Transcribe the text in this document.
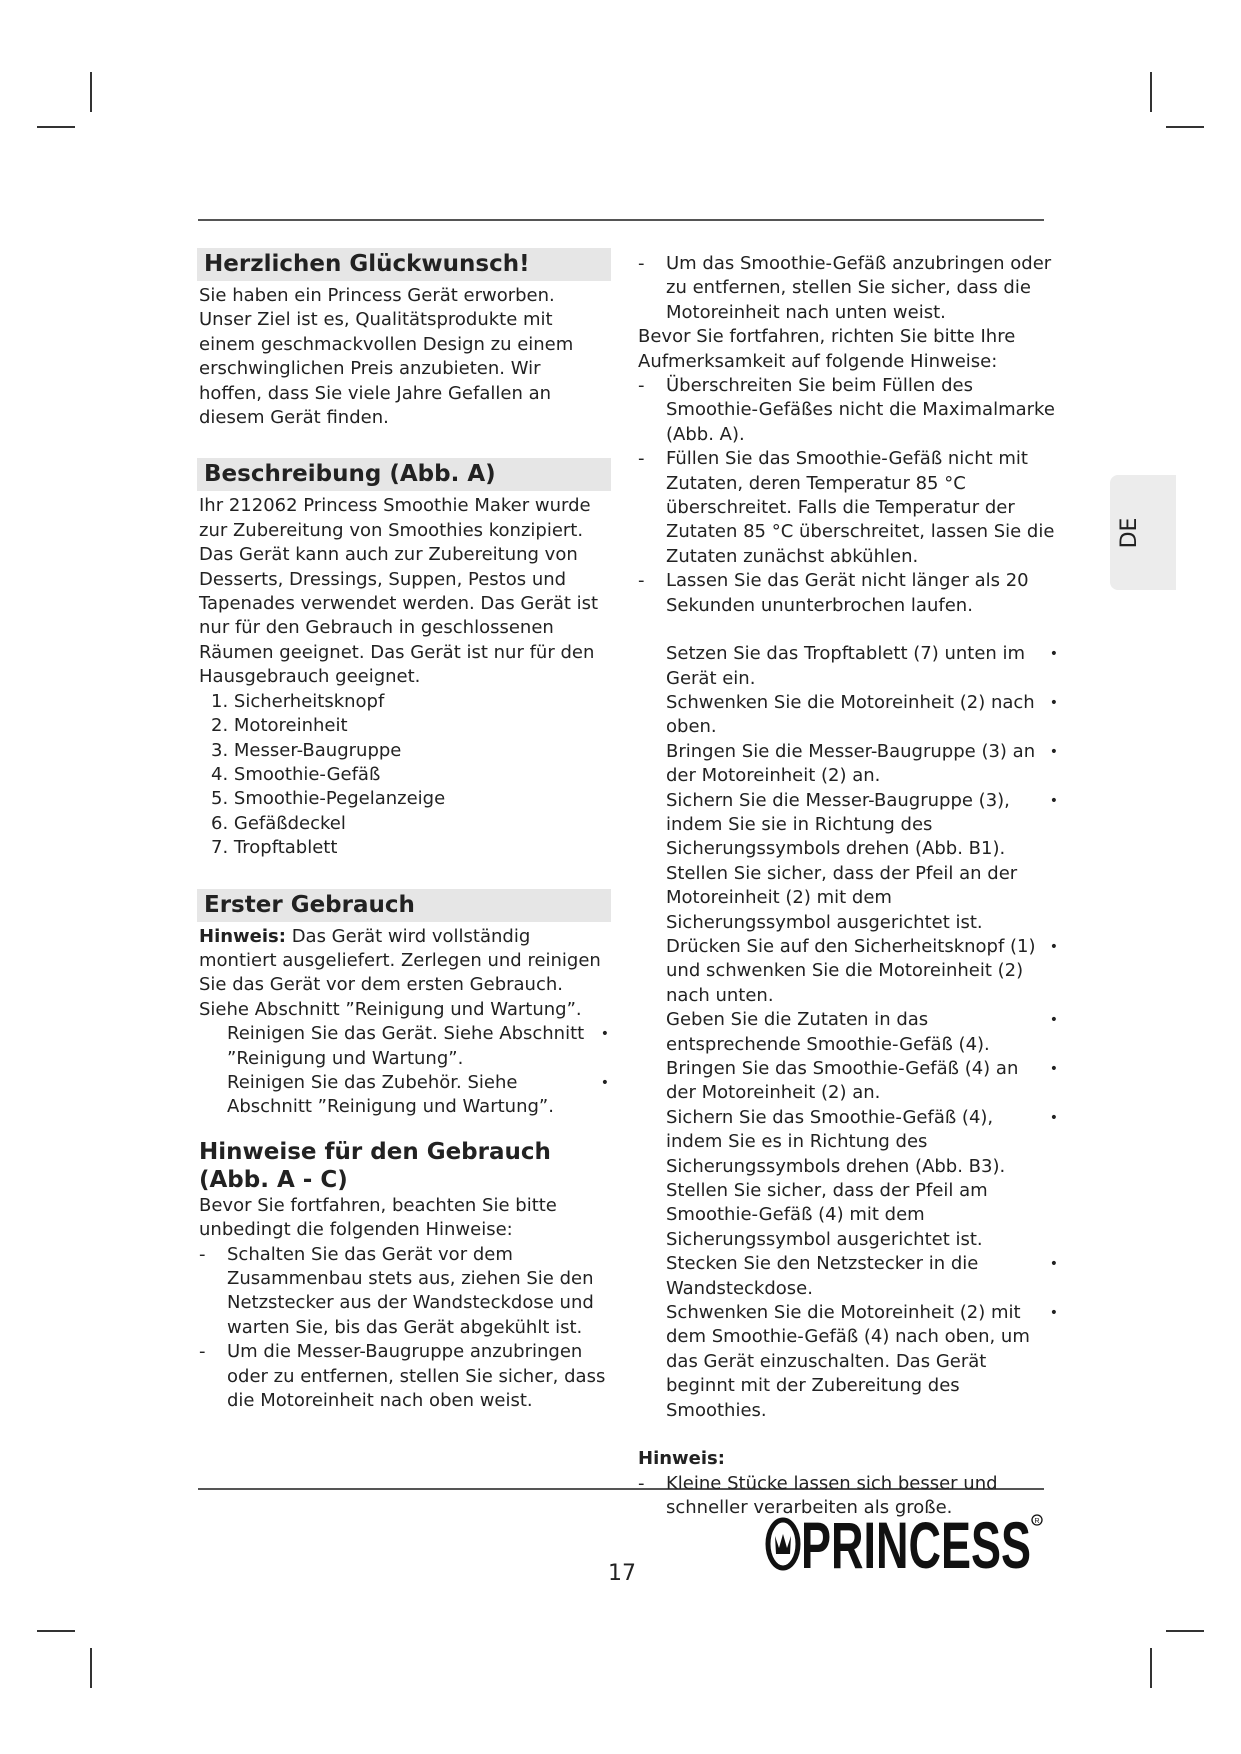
Herzlichen Glückwunsch!

Sie haben ein Princess Gerät erworben. Unser Ziel ist es, Qualitätsprodukte mit einem geschmackvollen Design zu einem erschwinglichen Preis anzubieten. Wir hoffen, dass Sie viele Jahre Gefallen an diesem Gerät finden.

Beschreibung (Abb. A)

Ihr 212062 Princess Smoothie Maker wurde zur Zubereitung von Smoothies konzipiert. Das Gerät kann auch zur Zubereitung von Desserts, Dressings, Suppen, Pestos und Tapenades verwendet werden. Das Gerät ist nur für den Gebrauch in geschlossenen Räumen geeignet. Das Gerät ist nur für den Hausgebrauch geeignet.

1. Sicherheitsknopf
2. Motoreinheit
3. Messer-Baugruppe
4. Smoothie-Gefäß
5. Smoothie-Pegelanzeige
6. Gefäßdeckel
7. Tropftablett
Erster Gebrauch

Hinweis: Das Gerät wird vollständig montiert ausgeliefert. Zerlegen und reinigen Sie das Gerät vor dem ersten Gebrauch.

Siehe Abschnitt ”Reinigung und Wartung”.

Reinigen Sie das Gerät. Siehe Abschnitt ”Reinigung und Wartung”. •
Reinigen Sie das Zubehör. Siehe Abschnitt ”Reinigung und Wartung”. •

Hinweise für den Gebrauch

(Abb. A - C)

Bevor Sie fortfahren, beachten Sie bitte unbedingt die folgenden Hinweise:

- Schalten Sie das Gerät vor dem Zusammenbau stets aus, ziehen Sie den Netzstecker aus der Wandsteckdose und warten Sie, bis das Gerät abgekühlt ist.
- Um die Messer-Baugruppe anzubringen oder zu entfernen, stellen Sie sicher, dass die Motoreinheit nach oben weist.
- Um das Smoothie-Gefäß anzubringen oder zu entfernen, stellen Sie sicher, dass die Motoreinheit nach unten weist.

Bevor Sie fortfahren, richten Sie bitte Ihre Aufmerksamkeit auf folgende Hinweise:

- Überschreiten Sie beim Füllen des Smoothie-Gefäßes nicht die Maximalmarke (Abb. A).
- Füllen Sie das Smoothie-Gefäß nicht mit Zutaten, deren Temperatur 85 °C überschreitet. Falls die Temperatur der Zutaten 85 °C überschreitet, lassen Sie die Zutaten zunächst abkühlen.
- Lassen Sie das Gerät nicht länger als 20 Sekunden ununterbrochen laufen.
Setzen Sie das Tropftablett (7) unten im Gerät ein. •
Schwenken Sie die Motoreinheit (2) nach oben. •
Bringen Sie die Messer-Baugruppe (3) an der Motoreinheit (2) an. •
Sichern Sie die Messer-Baugruppe (3), indem Sie sie in Richtung des Sicherungssymbols drehen (Abb. B1). Stellen Sie sicher, dass der Pfeil an der Motoreinheit (2) mit dem Sicherungssymbol ausgerichtet ist. •
Drücken Sie auf den Sicherheitsknopf (1) und schwenken Sie die Motoreinheit (2) nach unten. •
Geben Sie die Zutaten in das entsprechende Smoothie-Gefäß (4). •
Bringen Sie das Smoothie-Gefäß (4) an der Motoreinheit (2) an. •
Sichern Sie das Smoothie-Gefäß (4), indem Sie es in Richtung des Sicherungssymbols drehen (Abb. B3). Stellen Sie sicher, dass der Pfeil am Smoothie-Gefäß (4) mit dem Sicherungssymbol ausgerichtet ist. •
Stecken Sie den Netzstecker in die Wandsteckdose. •
Schwenken Sie die Motoreinheit (2) mit dem Smoothie-Gefäß (4) nach oben, um das Gerät einzuschalten. Das Gerät beginnt mit der Zubereitung des Smoothies. •

Hinweis:

- Kleine Stücke lassen sich besser und schneller verarbeiten als große.
DE
17	PRINCESS R
